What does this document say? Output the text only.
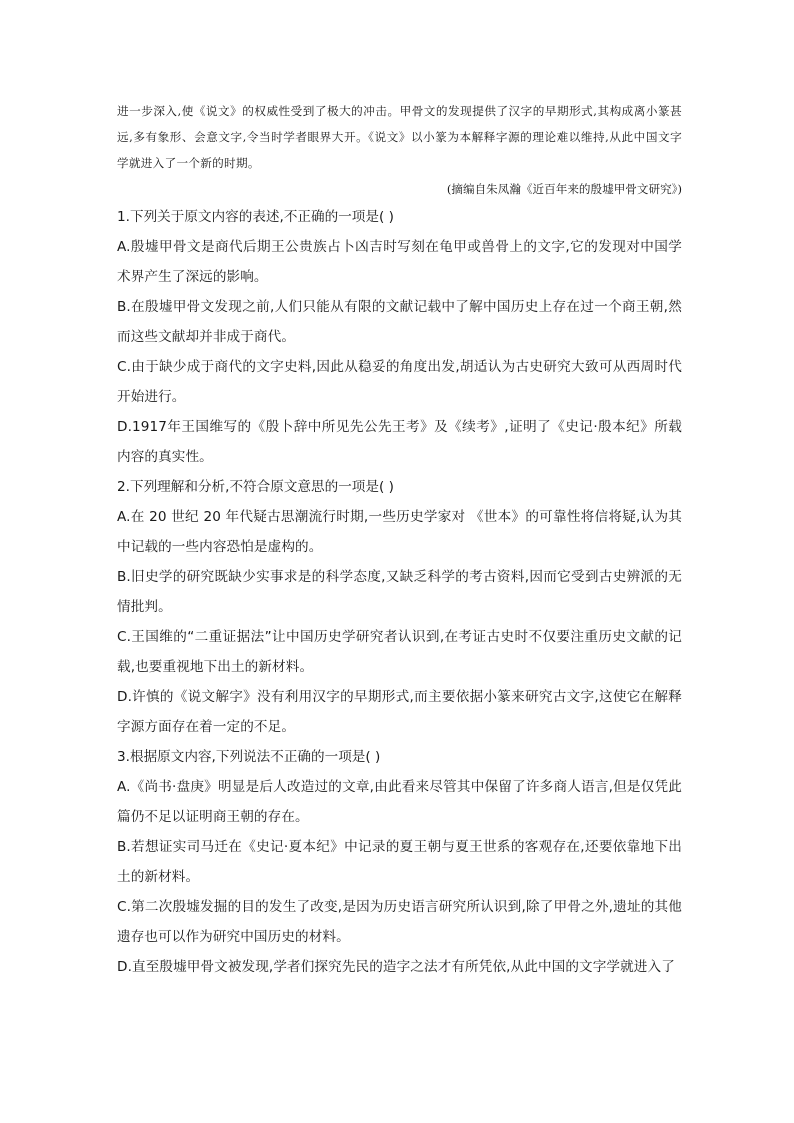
进一步深入,使《说文》的权威性受到了极大的冲击。甲骨文的发现提供了汉字的早期形式,其构成离小篆甚远,多有象形、会意文字,令当时学者眼界大开。《说文》以小篆为本解释字源的理论难以维持,从此中国文字学就进入了一个新的时期。

(摘编自朱凤瀚《近百年来的殷墟甲骨文研究》)

1.下列关于原文内容的表述,不正确的一项是( )

A.殷墟甲骨文是商代后期王公贵族占卜凶吉时写刻在龟甲或兽骨上的文字,它的发现对中国学术界产生了深远的影响。

B.在殷墟甲骨文发现之前,人们只能从有限的文献记载中了解中国历史上存在过一个商王朝,然而这些文献却并非成于商代。

C.由于缺少成于商代的文字史料,因此从稳妥的角度出发,胡适认为古史研究大致可从西周时代开始进行。

D.1917年王国维写的《殷卜辞中所见先公先王考》及《续考》,证明了《史记·殷本纪》所载内容的真实性。

2.下列理解和分析,不符合原文意思的一项是( )

A.在 20 世纪 20 年代疑古思潮流行时期,一些历史学家对 《世本》的可靠性将信将疑,认为其中记载的一些内容恐怕是虚构的。

B.旧史学的研究既缺少实事求是的科学态度,又缺乏科学的考古资料,因而它受到古史辨派的无情批判。

C.王国维的“二重证据法”让中国历史学研究者认识到,在考证古史时不仅要注重历史文献的记载,也要重视地下出土的新材料。

D.许慎的《说文解字》没有利用汉字的早期形式,而主要依据小篆来研究古文字,这使它在解释字源方面存在着一定的不足。

3.根据原文内容,下列说法不正确的一项是( )

A.《尚书·盘庚》明显是后人改造过的文章,由此看来尽管其中保留了许多商人语言,但是仅凭此篇仍不足以证明商王朝的存在。

B.若想证实司马迁在《史记·夏本纪》中记录的夏王朝与夏王世系的客观存在,还要依靠地下出土的新材料。

C.第二次殷墟发掘的目的发生了改变,是因为历史语言研究所认识到,除了甲骨之外,遗址的其他遗存也可以作为研究中国历史的材料。

D.直至殷墟甲骨文被发现,学者们探究先民的造字之法才有所凭依,从此中国的文字学就进入了
